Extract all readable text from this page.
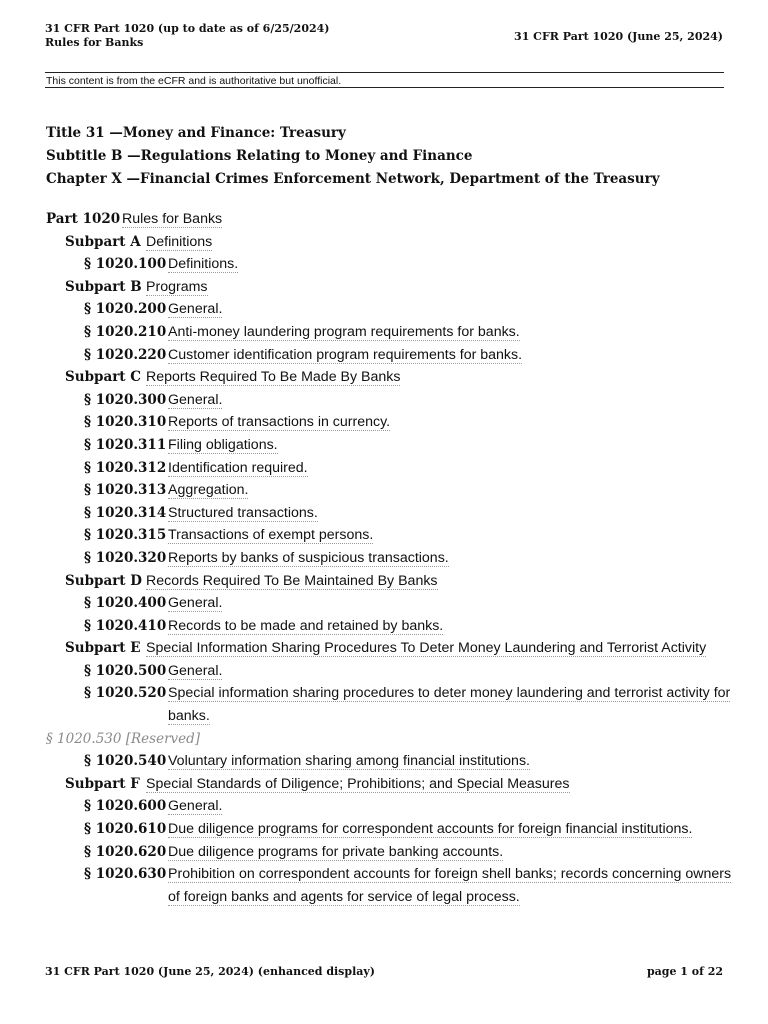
31 CFR Part 1020 (up to date as of 6/25/2024)
Rules for Banks	31 CFR Part 1020 (June 25, 2024)
This content is from the eCFR and is authoritative but unofficial.
Title 31 —Money and Finance: Treasury
Subtitle B —Regulations Relating to Money and Finance
Chapter X —Financial Crimes Enforcement Network, Department of the Treasury
Part 1020 Rules for Banks
Subpart A Definitions
§ 1020.100 Definitions.
Subpart B Programs
§ 1020.200 General.
§ 1020.210 Anti-money laundering program requirements for banks.
§ 1020.220 Customer identification program requirements for banks.
Subpart C Reports Required To Be Made By Banks
§ 1020.300 General.
§ 1020.310 Reports of transactions in currency.
§ 1020.311 Filing obligations.
§ 1020.312 Identification required.
§ 1020.313 Aggregation.
§ 1020.314 Structured transactions.
§ 1020.315 Transactions of exempt persons.
§ 1020.320 Reports by banks of suspicious transactions.
Subpart D Records Required To Be Maintained By Banks
§ 1020.400 General.
§ 1020.410 Records to be made and retained by banks.
Subpart E Special Information Sharing Procedures To Deter Money Laundering and Terrorist Activity
§ 1020.500 General.
§ 1020.520 Special information sharing procedures to deter money laundering and terrorist activity for banks.
§ 1020.530 [Reserved]
§ 1020.540 Voluntary information sharing among financial institutions.
Subpart F Special Standards of Diligence; Prohibitions; and Special Measures
§ 1020.600 General.
§ 1020.610 Due diligence programs for correspondent accounts for foreign financial institutions.
§ 1020.620 Due diligence programs for private banking accounts.
§ 1020.630 Prohibition on correspondent accounts for foreign shell banks; records concerning owners of foreign banks and agents for service of legal process.
31 CFR Part 1020 (June 25, 2024) (enhanced display)	page 1 of 22
